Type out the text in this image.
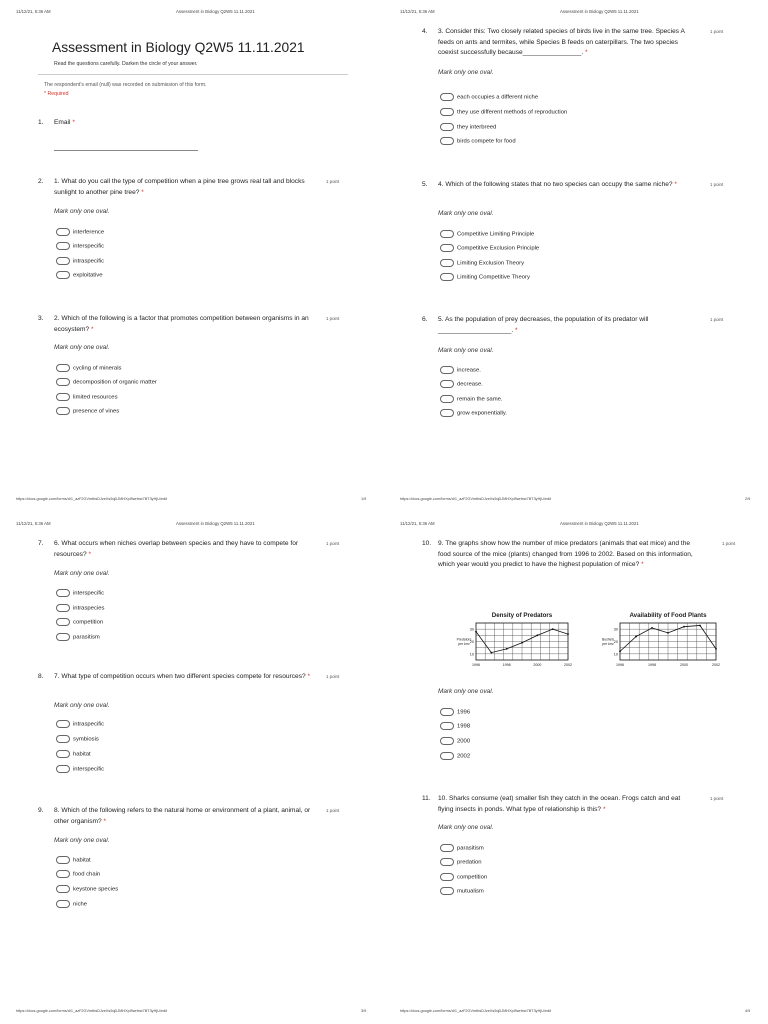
11/12/21, 5:36 AM	Assessment in Biology Q2W5 11.11.2021
Assessment in Biology Q2W5 11.11.2021
Read the questions carefully. Darken the circle of your answer.
The respondent's email (null) was recorded on submission of this form.
* Required
1. Email *
2. 1. What do you call the type of competition when a pine tree grows real tall and blocks sunlight to another pine tree? *
1 point
Mark only one oval.
interference
interspecific
intraspecific
exploitative
3. 2. Which of the following is a factor that promotes competition between organisms in an ecosystem? *
1 point
Mark only one oval.
cycling of minerals
decomposition of organic matter
limited resources
presence of vines
https://docs.google.com/forms/d/1_azF2GVmtbsDJzeXs5qDJMHXpl9wrtnw7BT3yHjU/edit	1/9
11/12/21, 5:36 AM	Assessment in Biology Q2W5 11.11.2021
4. 3. Consider this: Two closely related species of birds live in the same tree. Species A feeds on ants and termites, while Species B feeds on caterpillars. The two species coexist successfully because________________. *
1 point
Mark only one oval.
each occupies a different niche
they use different methods of reproduction
they interbreed
birds compete for food
5. 4. Which of the following states that no two species can occupy the same niche? *	1 point
Mark only one oval.
Competitive Limiting Principle
Competitive Exclusion Principle
Limiting Exclusion Theory
Limiting Competitive Theory
6. 5. As the population of prey decreases, the population of its predator will ____________________. *
1 point
Mark only one oval.
increase.
decrease.
remain the same.
grow exponentially.
https://docs.google.com/forms/d/1_azF2GVmtbsDJzeXs5qDJMHXpl9wrtnw7BT3yHjU/edit	2/9
11/12/21, 5:36 AM	Assessment in Biology Q2W5 11.11.2021
7. 6. What occurs when niches overlap between species and they have to compete for resources? *
1 point
Mark only one oval.
interspecific
intraspecies
competition
parasitism
8. 7. What type of competition occurs when two different species compete for resources? *	1 point
Mark only one oval.
intraspecific
symbiosis
habitat
interspecific
9. 8. Which of the following refers to the natural home or environment of a plant, animal, or other organism? *
1 point
Mark only one oval.
habitat
food chain
keystone species
niche
https://docs.google.com/forms/d/1_azF2GVmtbsDJzeXs5qDJMHXpl9wrtnw7BT3yHjU/edit	3/9
11/12/21, 5:36 AM	Assessment in Biology Q2W5 11.11.2021
10. 9. The graphs show how the number of mice predators (animals that eat mice) and the food source of the mice (plants) changed from 1996 to 2002. Based on this information, which year would you predict to have the highest population of mice? *
1 point
Density of Predators
10
20
30
1996	1998	2000	2002
Predators
per km²
Availability of Food Plants
10
20
30
1996	1998	2000	2002
Bushels
per km²
Mark only one oval.
1996
1998
2000
2002
11. 10. Sharks consume (eat) smaller fish they catch in the ocean. Frogs catch and eat flying insects in ponds. What type of relationship is this? *
1 point
Mark only one oval.
parasitism
predation
competition
mutualism
https://docs.google.com/forms/d/1_azF2GVmtbsDJzeXs5qDJMHXpl9wrtnw7BT3yHjU/edit	4/9
